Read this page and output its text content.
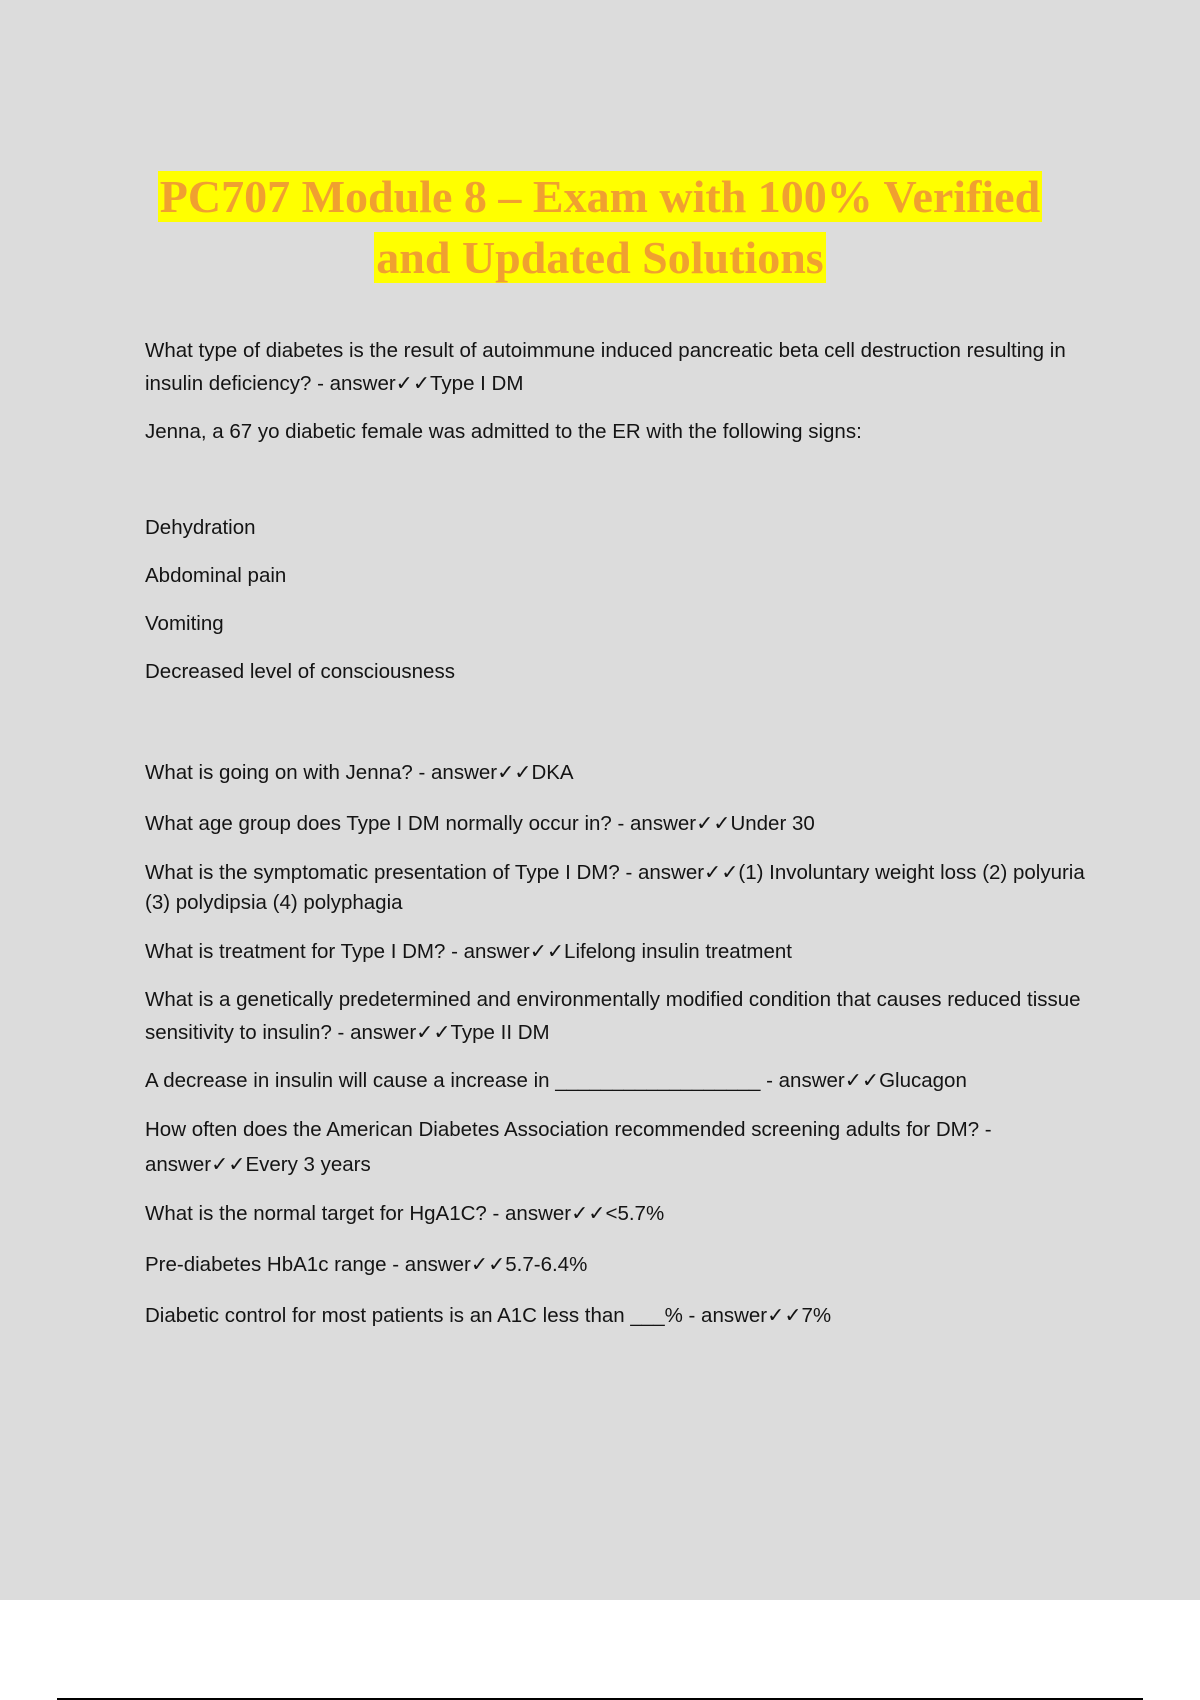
PC707 Module 8 – Exam with 100% Verified
and Updated Solutions

What type of diabetes is the result of autoimmune induced pancreatic beta cell destruction resulting in insulin deficiency? - answer✓✓Type I DM

Jenna, a 67 yo diabetic female was admitted to the ER with the following signs:

Dehydration

Abdominal pain

Vomiting

Decreased level of consciousness

What is going on with Jenna? - answer✓✓DKA

What age group does Type I DM normally occur in? - answer✓✓Under 30

What is the symptomatic presentation of Type I DM? - answer✓✓(1) Involuntary weight loss (2) polyuria (3) polydipsia (4) polyphagia

What is treatment for Type I DM? - answer✓✓Lifelong insulin treatment

What is a genetically predetermined and environmentally modified condition that causes reduced tissue sensitivity to insulin? - answer✓✓Type II DM

A decrease in insulin will cause a increase in __________________ - answer✓✓Glucagon

How often does the American Diabetes Association recommended screening adults for DM? - answer✓✓Every 3 years

What is the normal target for HgA1C? - answer✓✓<5.7%

Pre-diabetes HbA1c range - answer✓✓5.7-6.4%

Diabetic control for most patients is an A1C less than ___% - answer✓✓7%
